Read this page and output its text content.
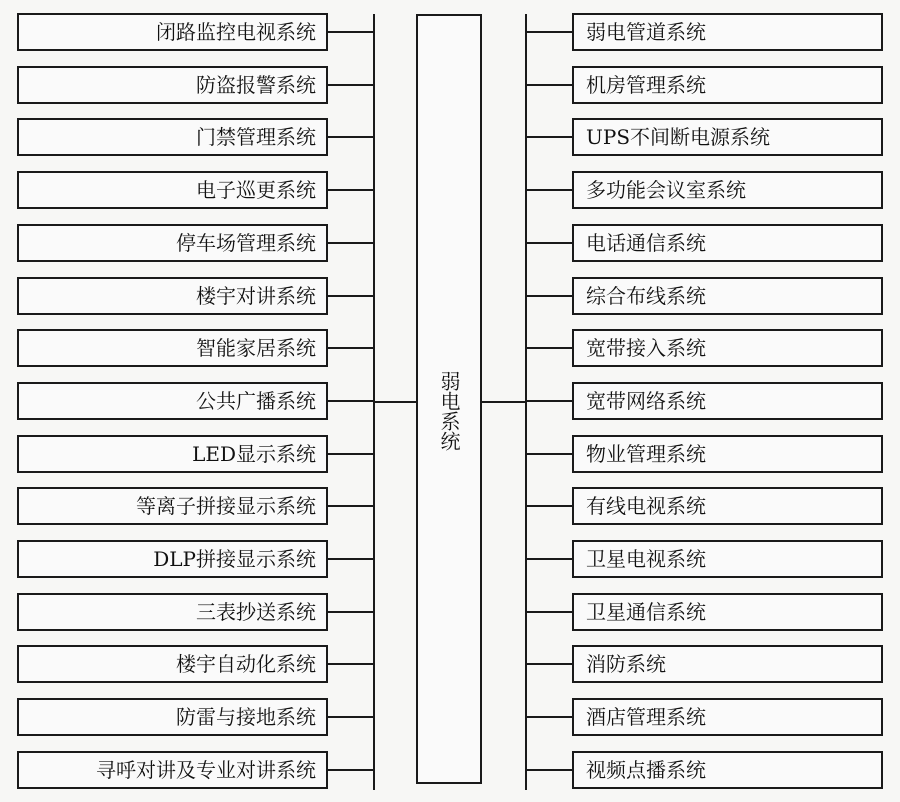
弱电系统
闭路监控电视系统
防盗报警系统
门禁管理系统
电子巡更系统
停车场管理系统
楼宇对讲系统
智能家居系统
公共广播系统
LED显示系统
等离子拼接显示系统
DLP拼接显示系统
三表抄送系统
楼宇自动化系统
防雷与接地系统
寻呼对讲及专业对讲系统
弱电管道系统
机房管理系统
UPS不间断电源系统
多功能会议室系统
电话通信系统
综合布线系统
宽带接入系统
宽带网络系统
物业管理系统
有线电视系统
卫星电视系统
卫星通信系统
消防系统
酒店管理系统
视频点播系统
